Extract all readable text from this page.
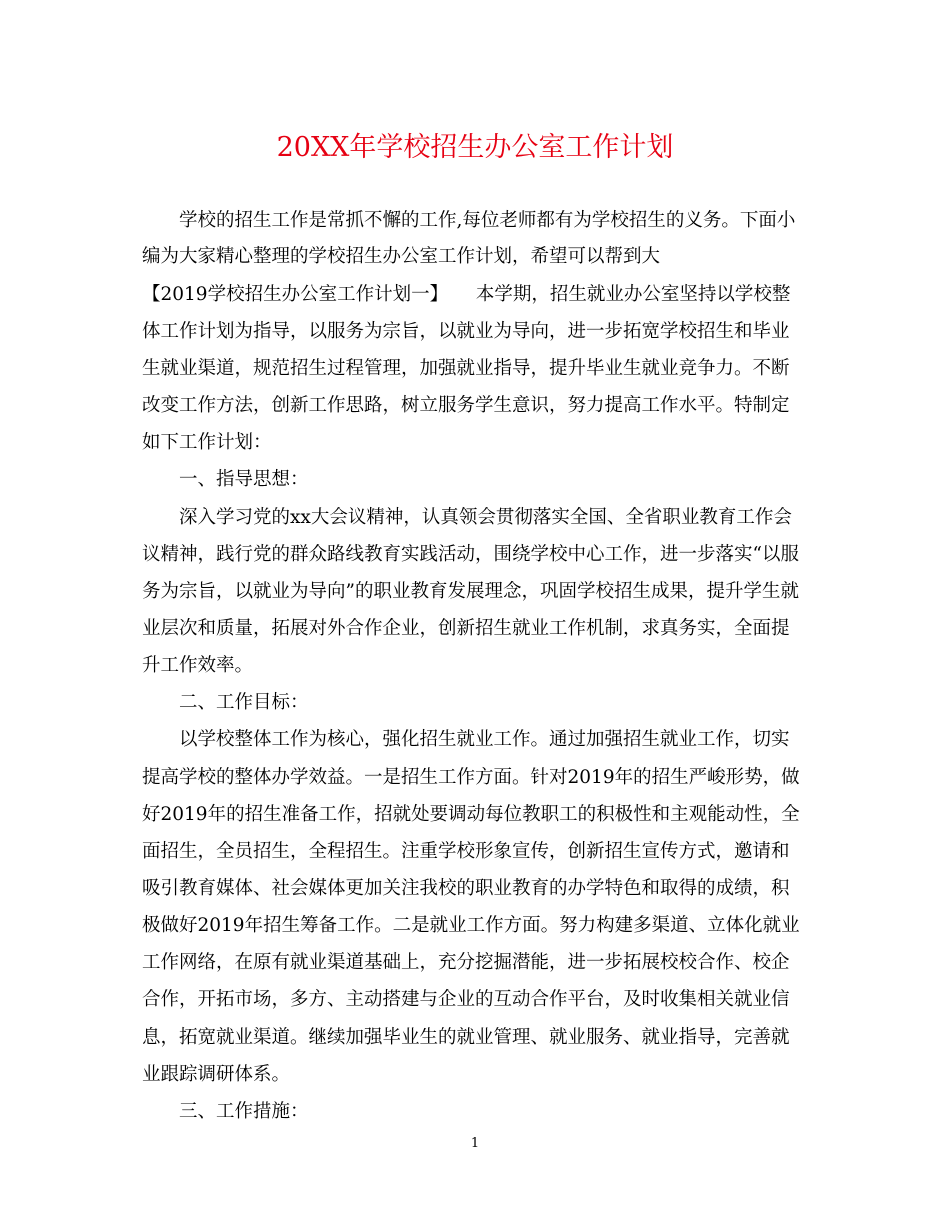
20XX年学校招生办公室工作计划

学校的招生工作是常抓不懈的工作,每位老师都有为学校招生的义务。下面小

编为大家精心整理的学校招生办公室工作计划，希望可以帮到大

【2019学校招生办公室工作计划一】　　本学期，招生就业办公室坚持以学校整

体工作计划为指导，以服务为宗旨，以就业为导向，进一步拓宽学校招生和毕业

生就业渠道，规范招生过程管理，加强就业指导，提升毕业生就业竞争力。不断

改变工作方法，创新工作思路，树立服务学生意识，努力提高工作水平。特制定

如下工作计划：

一、指导思想：

深入学习党的xx大会议精神，认真领会贯彻落实全国、全省职业教育工作会

议精神，践行党的群众路线教育实践活动，围绕学校中心工作，进一步落实“以服

务为宗旨，以就业为导向”的职业教育发展理念，巩固学校招生成果，提升学生就

业层次和质量，拓展对外合作企业，创新招生就业工作机制，求真务实，全面提

升工作效率。

二、工作目标：

以学校整体工作为核心，强化招生就业工作。通过加强招生就业工作，切实

提高学校的整体办学效益。一是招生工作方面。针对2019年的招生严峻形势，做

好2019年的招生准备工作，招就处要调动每位教职工的积极性和主观能动性，全

面招生，全员招生，全程招生。注重学校形象宣传，创新招生宣传方式，邀请和

吸引教育媒体、社会媒体更加关注我校的职业教育的办学特色和取得的成绩，积

极做好2019年招生筹备工作。二是就业工作方面。努力构建多渠道、立体化就业

工作网络，在原有就业渠道基础上，充分挖掘潜能，进一步拓展校校合作、校企

合作，开拓市场，多方、主动搭建与企业的互动合作平台，及时收集相关就业信

息，拓宽就业渠道。继续加强毕业生的就业管理、就业服务、就业指导，完善就

业跟踪调研体系。

三、工作措施：

1
